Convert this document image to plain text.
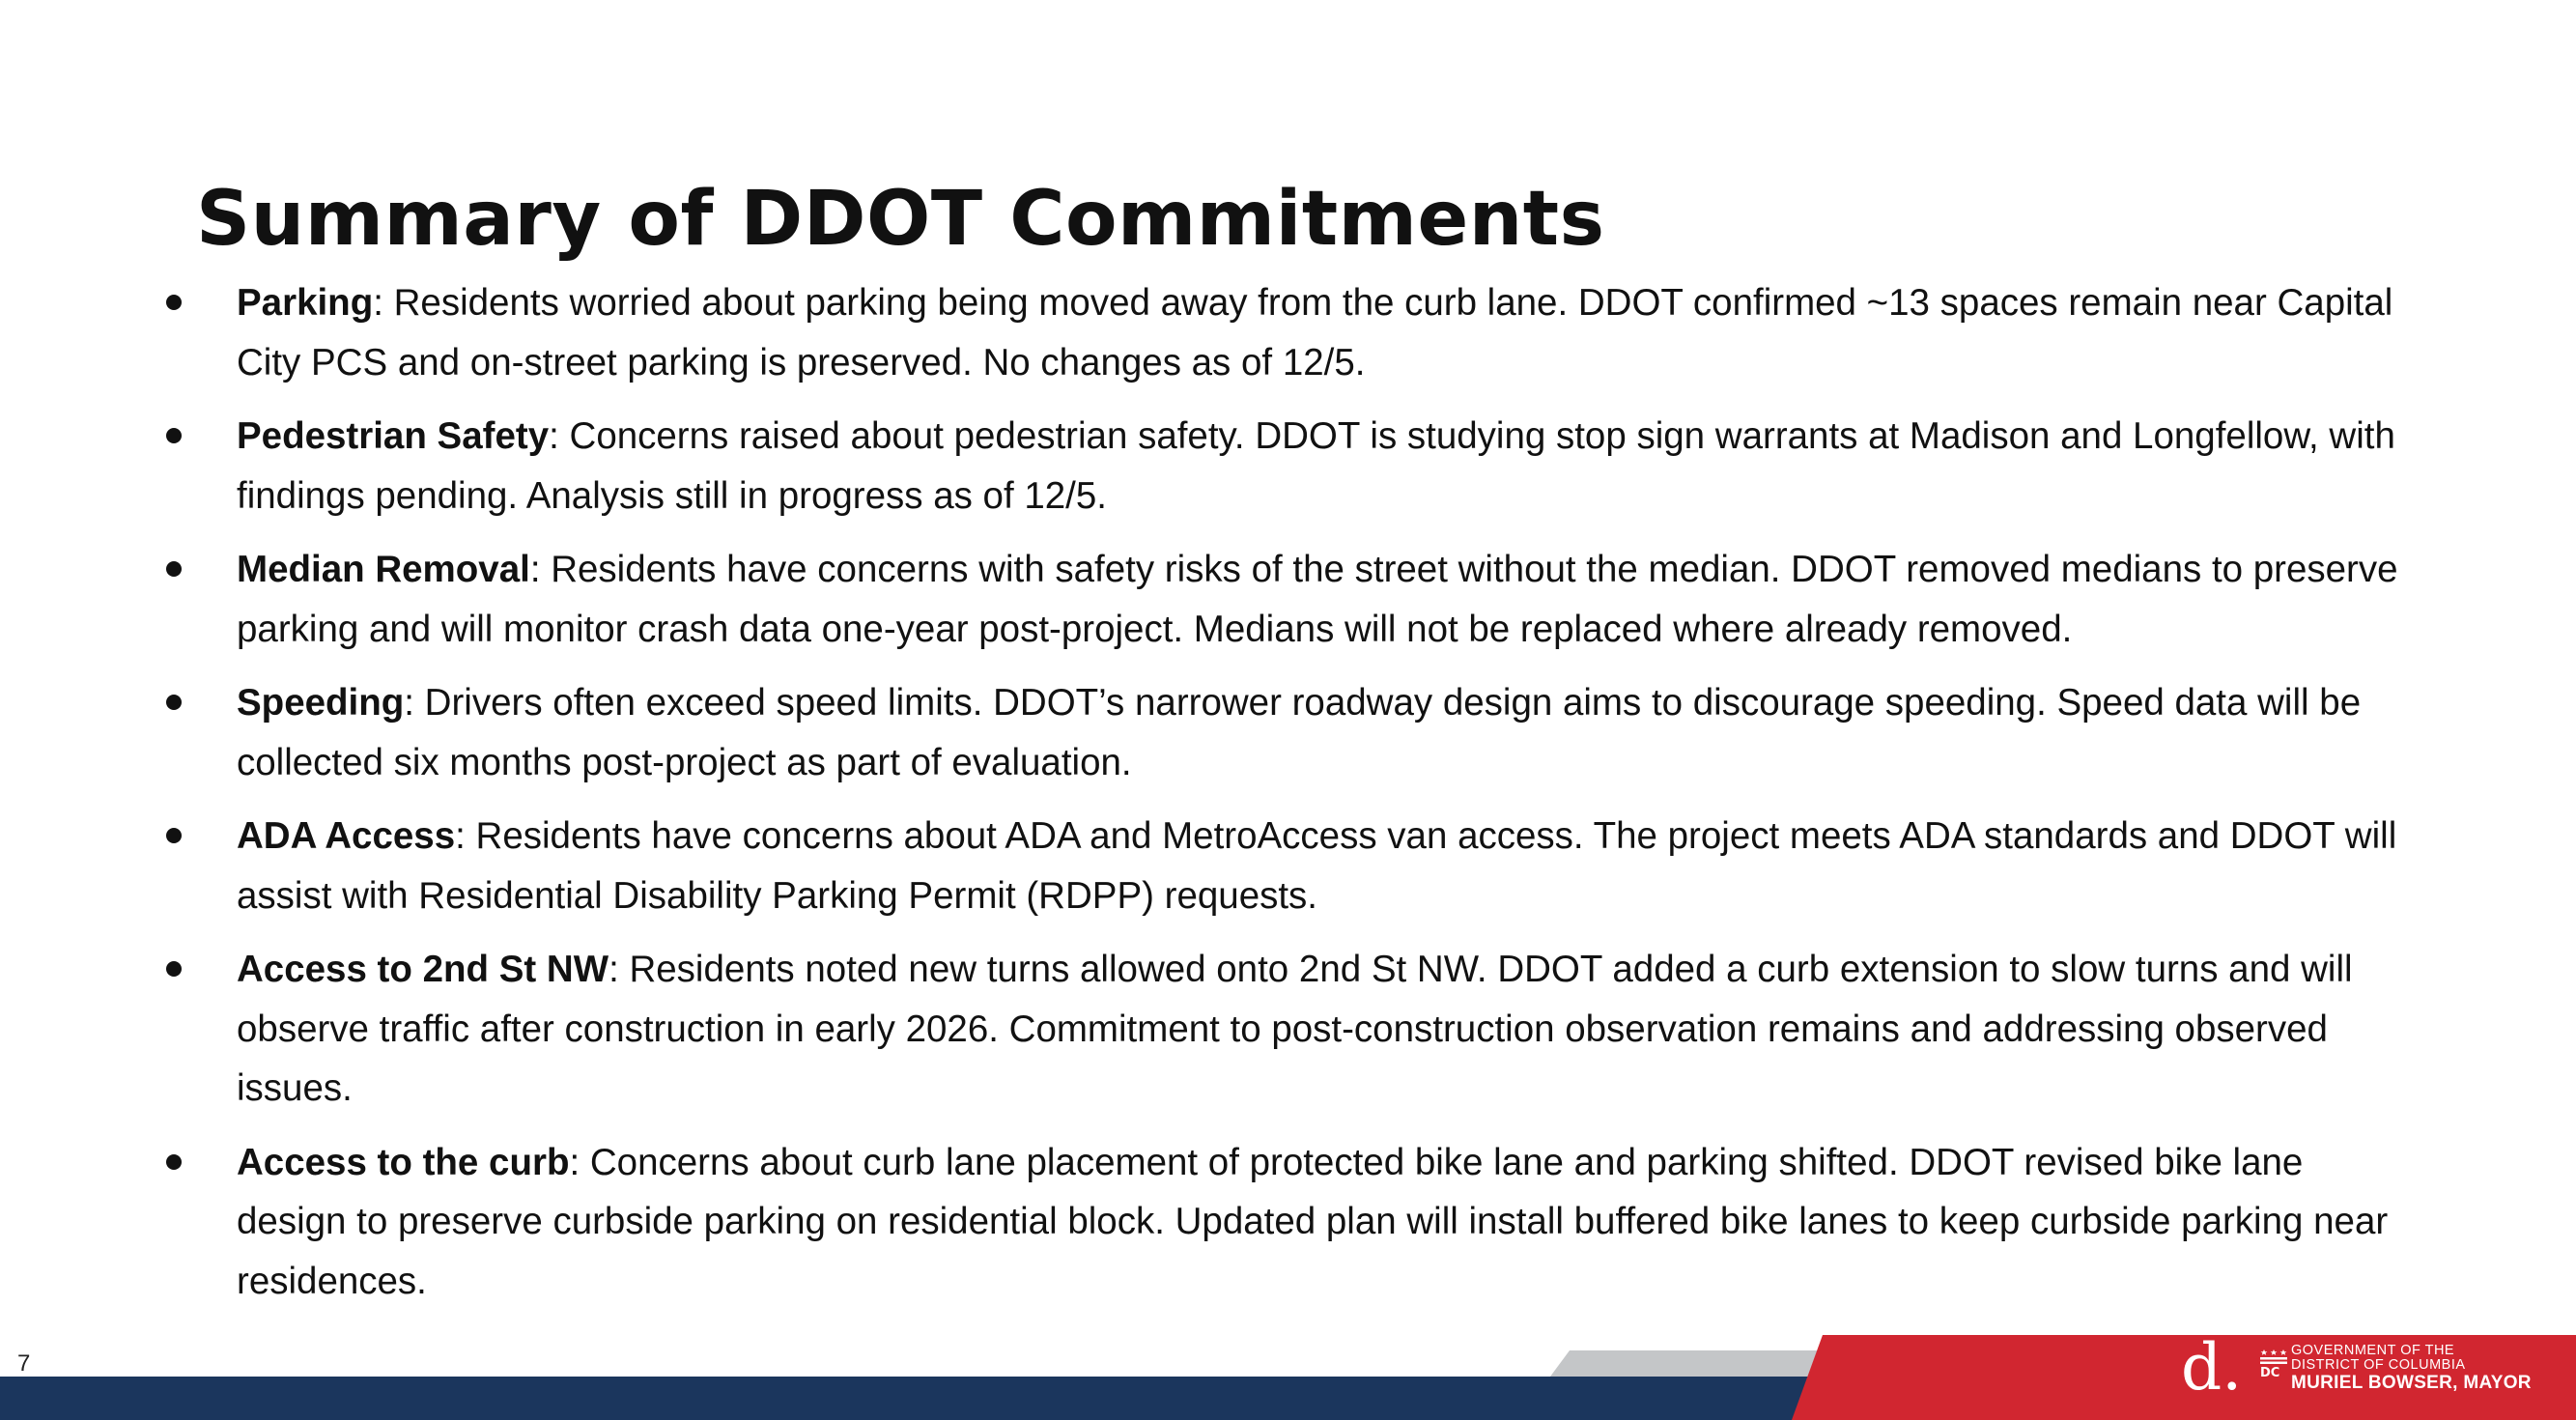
Summary of DDOT Commitments
Parking: Residents worried about parking being moved away from the curb lane. DDOT confirmed ~13 spaces remain near Capital City PCS and on-street parking is preserved. No changes as of 12/5.
Pedestrian Safety: Concerns raised about pedestrian safety. DDOT is studying stop sign warrants at Madison and Longfellow, with findings pending. Analysis still in progress as of 12/5.
Median Removal: Residents have concerns with safety risks of the street without the median. DDOT removed medians to preserve parking and will monitor crash data one-year post-project. Medians will not be replaced where already removed.
Speeding: Drivers often exceed speed limits. DDOT’s narrower roadway design aims to discourage speeding. Speed data will be collected six months post-project as part of evaluation.
ADA Access: Residents have concerns about ADA and MetroAccess van access. The project meets ADA standards and DDOT will assist with Residential Disability Parking Permit (RDPP) requests.
Access to 2nd St NW: Residents noted new turns allowed onto 2nd St NW. DDOT added a curb extension to slow turns and will observe traffic after construction in early 2026. Commitment to post-construction observation remains and addressing observed issues.
Access to the curb: Concerns about curb lane placement of protected bike lane and parking shifted. DDOT revised bike lane design to preserve curbside parking on residential block. Updated plan will install buffered bike lanes to keep curbside parking near residences.
7	d. DC
GOVERNMENT OF THE
DISTRICT OF COLUMBIA
MURIEL BOWSER, MAYOR
